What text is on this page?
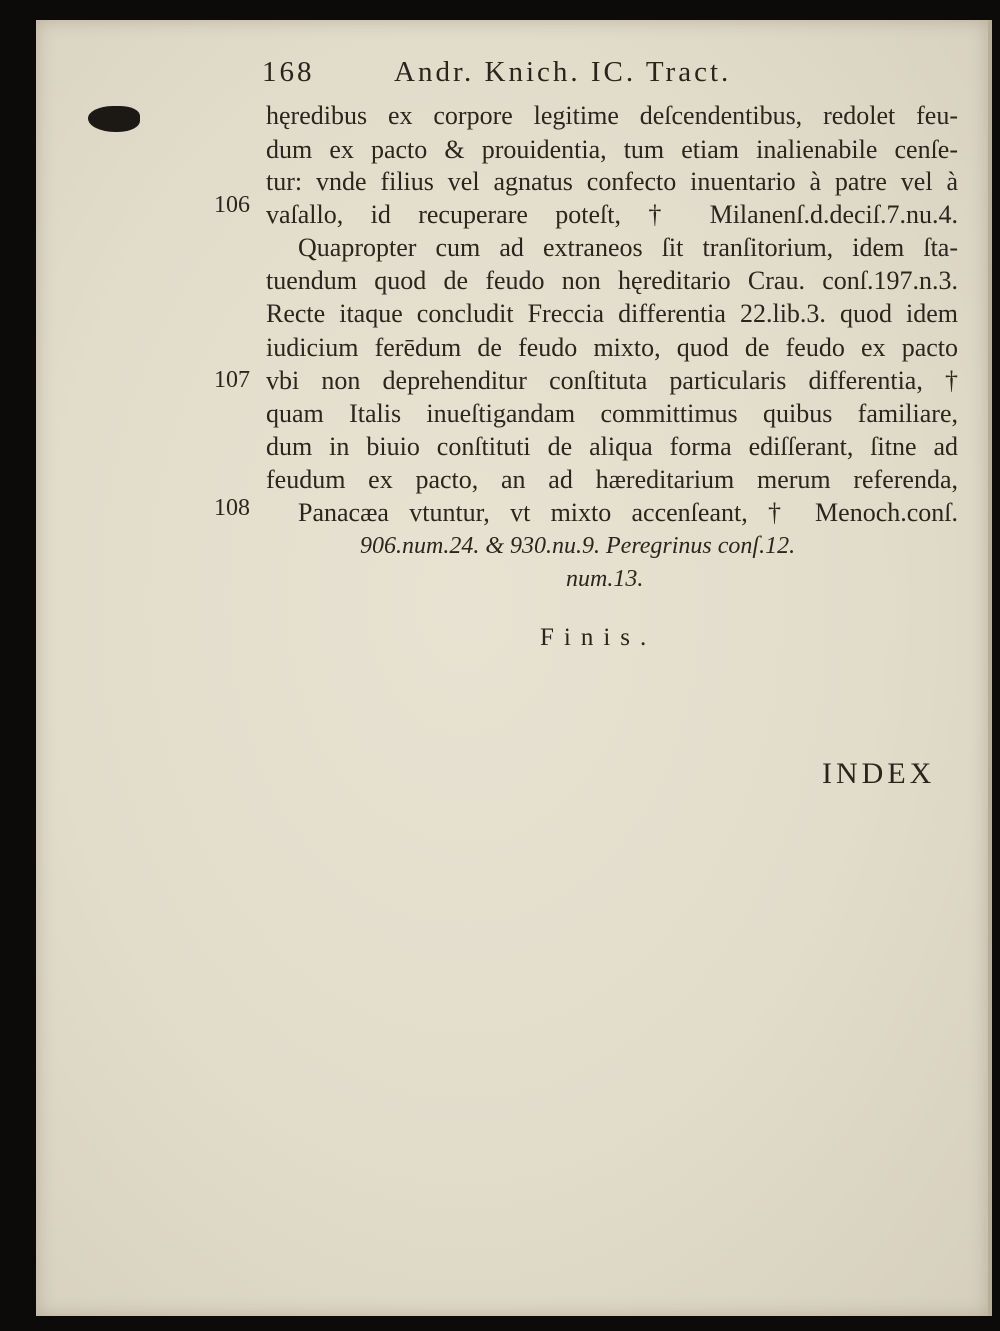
168	Andr. Knich. IC. Tract.
hęredibus ex corpore legitime deſcendentibus, redolet feu-
dum ex pacto & prouidentia, tum etiam inalienabile cenſe-
tur: vnde filius vel agnatus confecto inuentario à patre vel à
vaſallo, id recuperare poteſt, † Milanenſ.d.deciſ.7.nu.4.
Quapropter cum ad extraneos ſit tranſitorium, idem ſta-
tuendum quod de feudo non hęreditario Crau. conſ.197.n.3.
Recte itaque concludit Freccia differentia 22.lib.3. quod idem
iudicium ferēdum de feudo mixto, quod de feudo ex pacto
vbi non deprehenditur conſtituta particularis differentia, †
quam Italis inueſtigandam committimus quibus familiare,
dum in biuio conſtituti de aliqua forma ediſſerant, ſitne ad
feudum ex pacto, an ad hæreditarium merum referenda,
Panacæa vtuntur, vt mixto accenſeant, † Menoch.conſ.
906.num.24. & 930.nu.9. Peregrinus conſ.12.
num.13.
106
107
108
Finis.
INDEX
